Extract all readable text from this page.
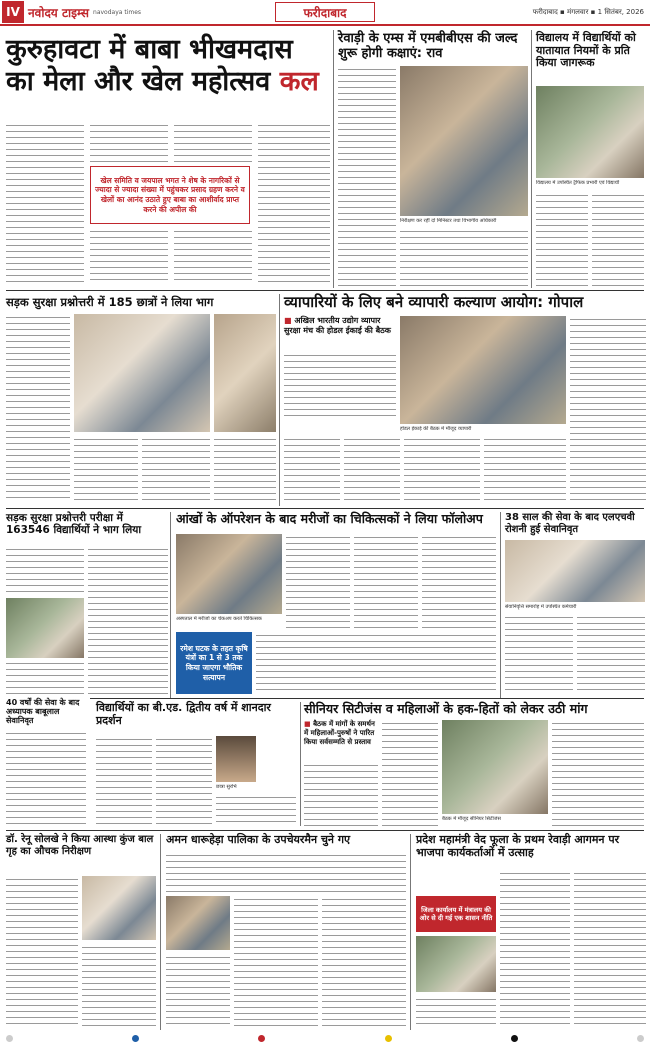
IV नवोदय टाइम्स navodaya times	फरीदाबाद	फरीदाबाद ▪ मंगलवार ▪ 1 सितंबर, 2026
कुरुहावटा में बाबा भीखमदास का मेला और खेल महोत्सव कल
खेल समिति व जयपाल भगत ने शेष के नागरिकों से ज्यादा से ज्यादा संख्या में पहुंचकर प्रसाद ग्रहण करने व खेलों का आनंद उठाते हुए बाबा का आशीर्वाद प्राप्त करने की अपील की
रेवाड़ी के एम्स में एमबीबीएस की जल्द शुरू होगी कक्षाएं: राव
निरीक्षण कर रहीं दो मिनिस्टर तथा विभागीय अधिकारी
विद्यालय में विद्यार्थियों को यातायात नियमों के प्रति किया जागरूक
विद्यालय में उपस्थित ट्रैफिक प्रभारी एवं विद्यार्थी
सड़क सुरक्षा प्रश्नोत्तरी में 185 छात्रों ने लिया भाग	व्यापारियों के लिए बने व्यापारी कल्याण आयोग: गोपाल
■ अखिल भारतीय उद्योग व्यापार सुरक्षा मंच की होडल ईकाई की बैठक
होडल ईकाई की बैठक में मौजूद व्यापारी
सड़क सुरक्षा प्रश्नोत्तरी परीक्षा में 163546 विद्यार्थियों ने भाग लिया
40 वर्षों की सेवा के बाद अध्यापक बाबूलाल सेवानिवृत
आंखों के ऑपरेशन के बाद मरीजों का चिकित्सकों ने लिया फॉलोअप
अस्पताल में मरीजों का चेकअप करते चिकित्सक
रमेश घटक के तहत कृषि यंत्रों का 1 से 3 तक किया जाएगा भौतिक सत्यापन
38 साल की सेवा के बाद एलएचवी रोशनी हुई सेवानिवृत
सेवानिवृत्ति समारोह में उपस्थित कर्मचारी
विद्यार्थियों का बी.एड. द्वितीय वर्ष में शानदार प्रदर्शन
छात्रा सुरभि
सीनियर सिटीजंस व महिलाओं के हक-हितों को लेकर उठी मांग
■ बैठक में मांगों के समर्थन में महिलाओं-पुरुषों ने पारित किया सर्वसम्मति से प्रस्ताव
बैठक में मौजूद सीनियर सिटीजंस
डॉ. रेनू सोलखे ने किया आस्था कुंज बाल गृह का औचक निरीक्षण
अमन धारूहेड़ा पालिका के उपचेयरमैन चुने गए	प्रदेश महामंत्री वेद फूला के प्रथम रेवाड़ी आगमन पर भाजपा कार्यकर्ताओं में उत्साह
जिला कार्यालय में मंत्रालय की ओर से दी गई एक शासन नीति
